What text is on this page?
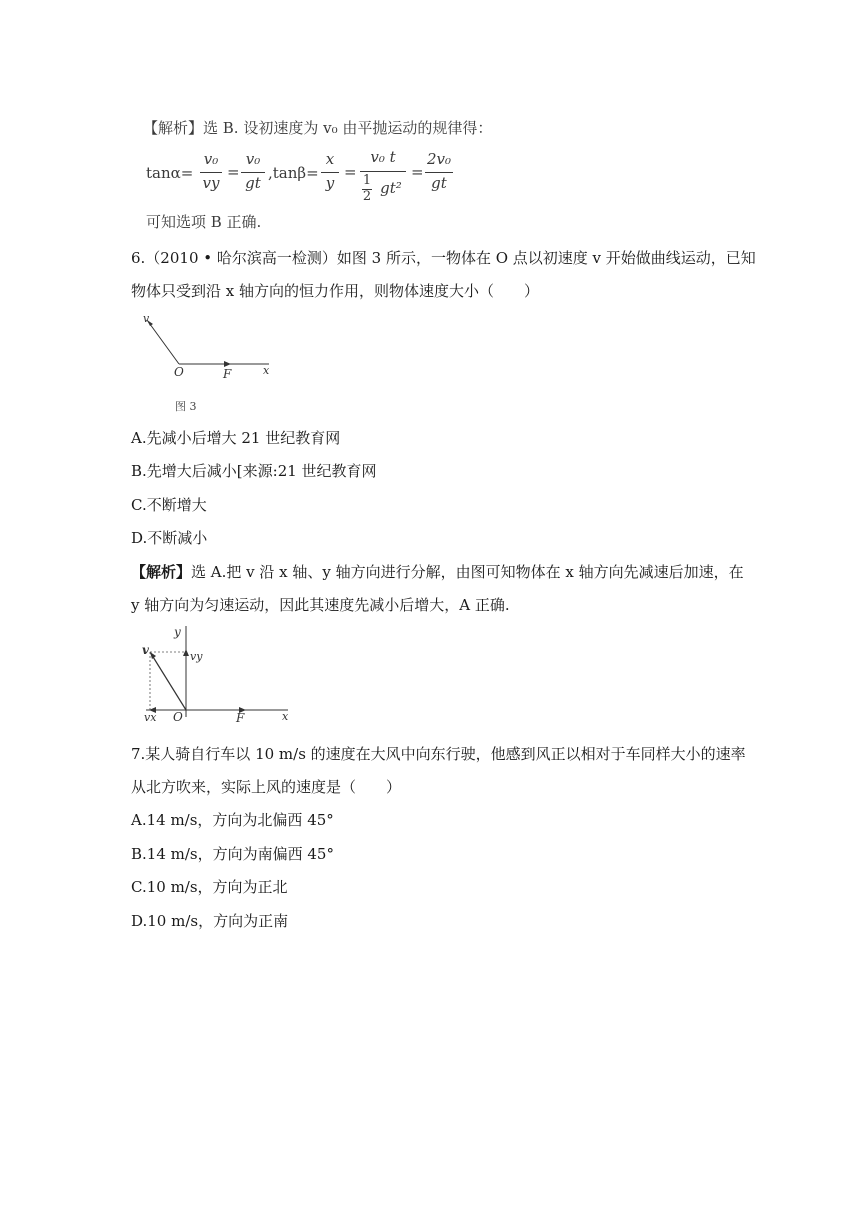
【解析】选 B. 设初速度为 v₀ 由平抛运动的规律得：
tanα=
v₀
vy
=
v₀
gt
,tanβ=
x
y
=
v₀ t
1
2 gt²
=
2v₀
gt
可知选项 B 正确.
6.（2010 • 哈尔滨高一检测）如图 3 所示，一物体在 O 点以初速度 v 开始做曲线运动，已知
物体只受到沿 x 轴方向的恒力作用，则物体速度大小（　　）
v
O	F	x
图 3
A.先减小后增大 21 世纪教育网
B.先增大后减小[来源:21 世纪教育网
C.不断增大
D.不断减小
【解析】选 A.把 v 沿 x 轴、y 轴方向进行分解，由图可知物体在 x 轴方向先减速后加速，在
y 轴方向为匀速运动，因此其速度先减小后增大，A 正确.
y
v	vy
vx O	F	x
7.某人骑自行车以 10 m/s 的速度在大风中向东行驶，他感到风正以相对于车同样大小的速率
从北方吹来，实际上风的速度是（　　）
A.14 m/s，方向为北偏西 45°
B.14 m/s，方向为南偏西 45°
C.10 m/s，方向为正北
D.10 m/s，方向为正南
